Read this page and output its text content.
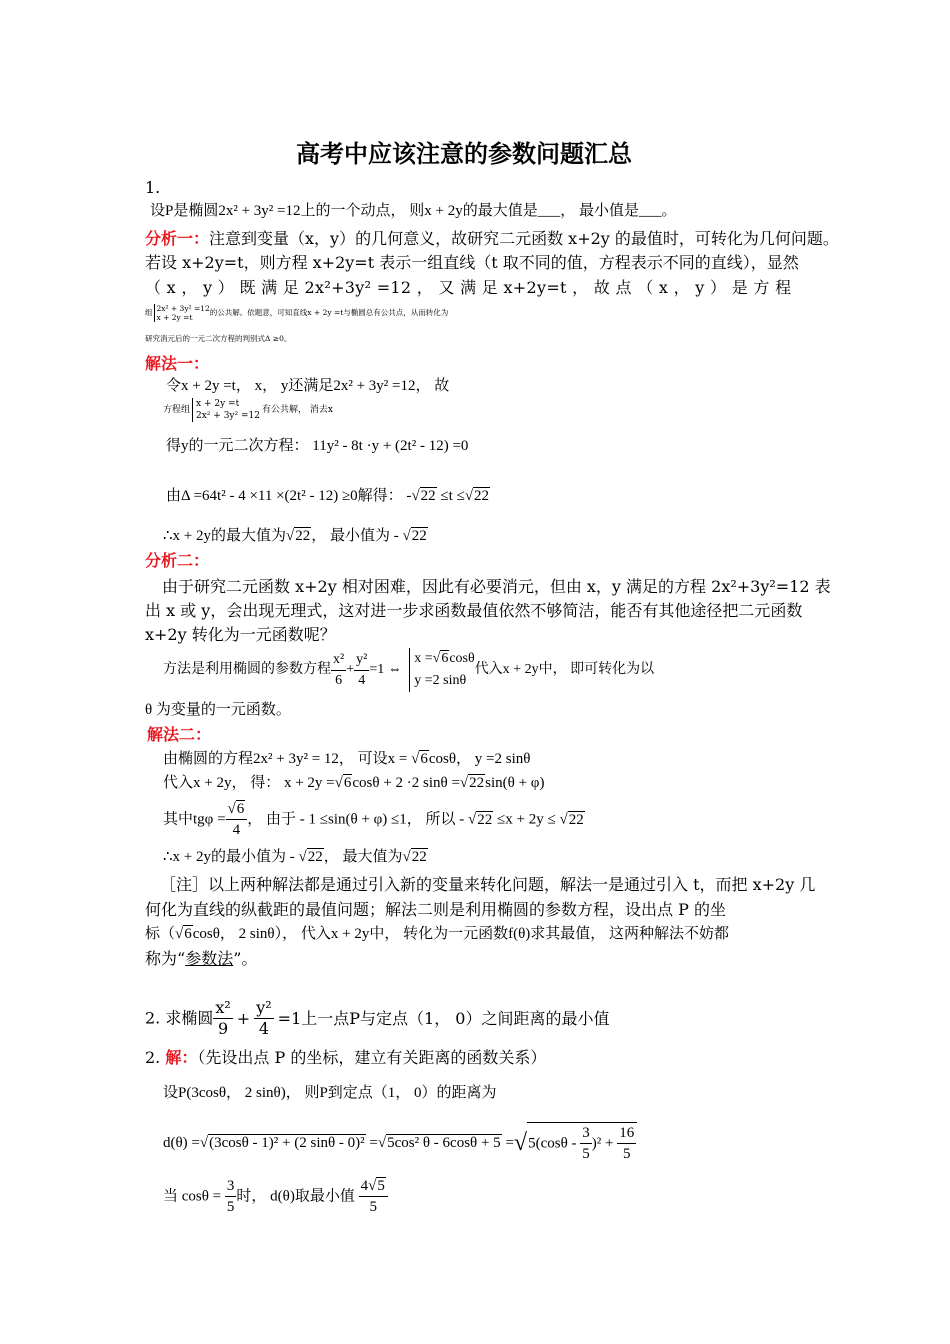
高考中应该注意的参数问题汇总
1.
设P是椭圆2x² + 3y² =12上的一个动点， 则x + 2y的最大值是___， 最小值是___。
分析一：注意到变量（x，y）的几何意义，故研究二元函数 x+2y 的最值时，可转化为几何问题。
若设 x+2y=t，则方程 x+2y=t 表示一组直线（t 取不同的值，方程表示不同的直线），显然
（ x ， y ） 既 满 足 2x²+3y² =12 ， 又 满 足 x+2y=t ， 故 点 （ x ， y ） 是 方 程
组 2x² + 3y² =12
x + 2y =t
的公共解。依题意，可知直线x + 2y =t与椭圆总有公共点，从而转化为
研究消元后的一元二次方程的判别式Δ ≥0。
解法一：
令x + 2y =t， x， y还满足2x² + 3y² =12， 故
方程组
x + 2y =t
2x² + 3y² =12
有公共解， 消去x
得y的一元二次方程： 11y² - 8t ·y + (2t² - 12) =0
由Δ =64t² - 4 ×11 ×(2t² - 12) ≥0解得： -√22 ≤t ≤√22
∴x + 2y的最大值为√22， 最小值为 - √22
分析二：
由于研究二元函数 x+2y 相对困难，因此有必要消元，但由 x，y 满足的方程 2x²+3y²=12 表
出 x 或 y，会出现无理式，这对进一步求函数最值依然不够简洁，能否有其他途径把二元函数
x+2y 转化为一元函数呢？
方法是利用椭圆的参数方程 $\frac{\text{x²}}{6} + \frac{\text{y²}}{4} =1$ ⇔
x =√6cosθ
y =2 sinθ
代入x + 2y中， 即可转化为以
θ 为变量的一元函数。
解法二：
由椭圆的方程2x² + 3y² = 12， 可设x = √6cosθ， y =2 sinθ
代入x + 2y， 得： x + 2y =√6cosθ + 2 ·2 sinθ =√22sin(θ + φ)
其中$tg\varphi = \frac{√6}{4}$ ， 由于 - 1 ≤sin(θ + φ) ≤1， 所以 - √22 ≤x + 2y ≤ √22
∴x + 2y的最小值为 - √22， 最大值为√22
［注］以上两种解法都是通过引入新的变量来转化问题，解法一是通过引入 t，而把 x+2y 几
何化为直线的纵截距的最值问题；解法二则是利用椭圆的参数方程，设出点 P 的坐
标（√6cosθ， 2 sinθ）， 代入x + 2y中， 转化为一元函数f(θ)求其最值， 这两种解法不妨都
称为“参数法”。
2. 求椭圆 $\frac{\text{x²}}{9} + \frac{\text{y²}}{4} =1$上一点P与定点（1， 0）之间距离的最小值
2. 解：（先设出点 P 的坐标，建立有关距离的函数关系）
设P(3cosθ， 2 sinθ)， 则P到定点（1， 0）的距离为
d(θ) =√(3cosθ - 1)² + (2 sinθ - 0)² =√5cos² $\theta - 6\cos\theta + 5 =√5(\cos\theta - \frac{3}{5} )^2 + \frac{16}{5}$
当 $\cos\theta = \frac{3}{5}$ 时， d(θ)取最小值 $\frac{4√5}{5}$
